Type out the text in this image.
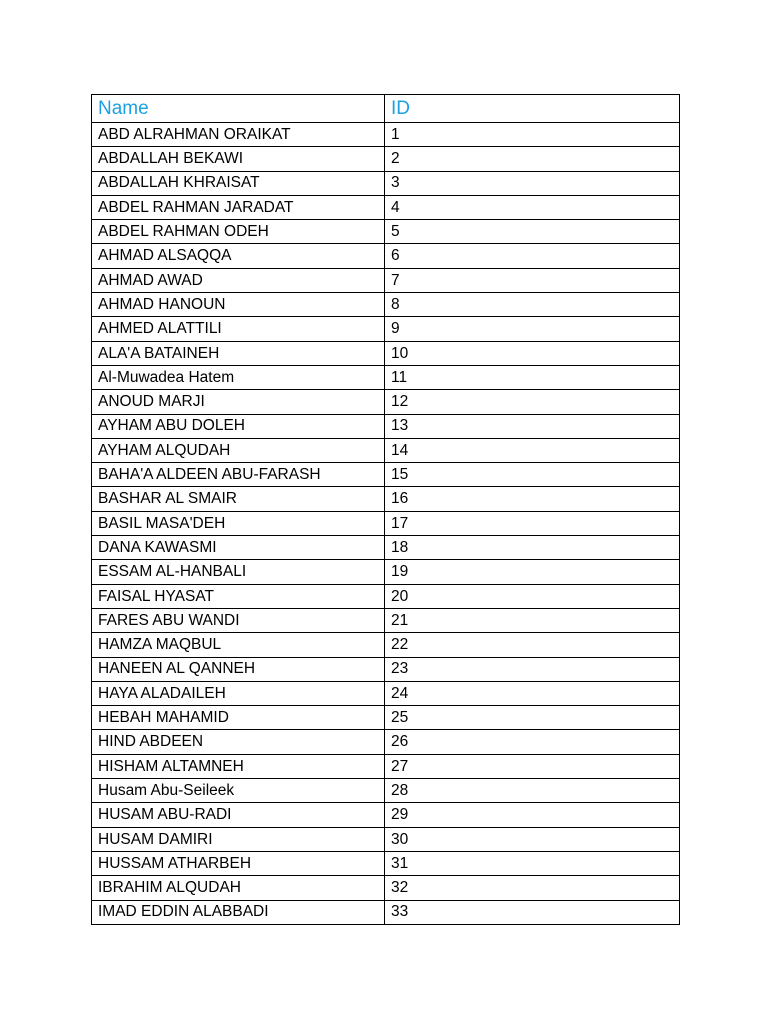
Name	ID
ABD ALRAHMAN ORAIKAT	1
ABDALLAH BEKAWI	2
ABDALLAH KHRAISAT	3
ABDEL RAHMAN JARADAT	4
ABDEL RAHMAN ODEH	5
AHMAD ALSAQQA	6
AHMAD AWAD	7
AHMAD HANOUN	8
AHMED ALATTILI	9
ALA'A BATAINEH	10
Al-Muwadea Hatem	11
ANOUD MARJI	12
AYHAM ABU DOLEH	13
AYHAM ALQUDAH	14
BAHA'A ALDEEN ABU-FARASH	15
BASHAR AL SMAIR	16
BASIL MASA'DEH	17
DANA KAWASMI	18
ESSAM AL-HANBALI	19
FAISAL HYASAT	20
FARES ABU WANDI	21
HAMZA MAQBUL	22
HANEEN AL QANNEH	23
HAYA ALADAILEH	24
HEBAH MAHAMID	25
HIND ABDEEN	26
HISHAM ALTAMNEH	27
Husam Abu-Seileek	28
HUSAM ABU-RADI	29
HUSAM DAMIRI	30
HUSSAM ATHARBEH	31
IBRAHIM ALQUDAH	32
IMAD EDDIN ALABBADI	33
